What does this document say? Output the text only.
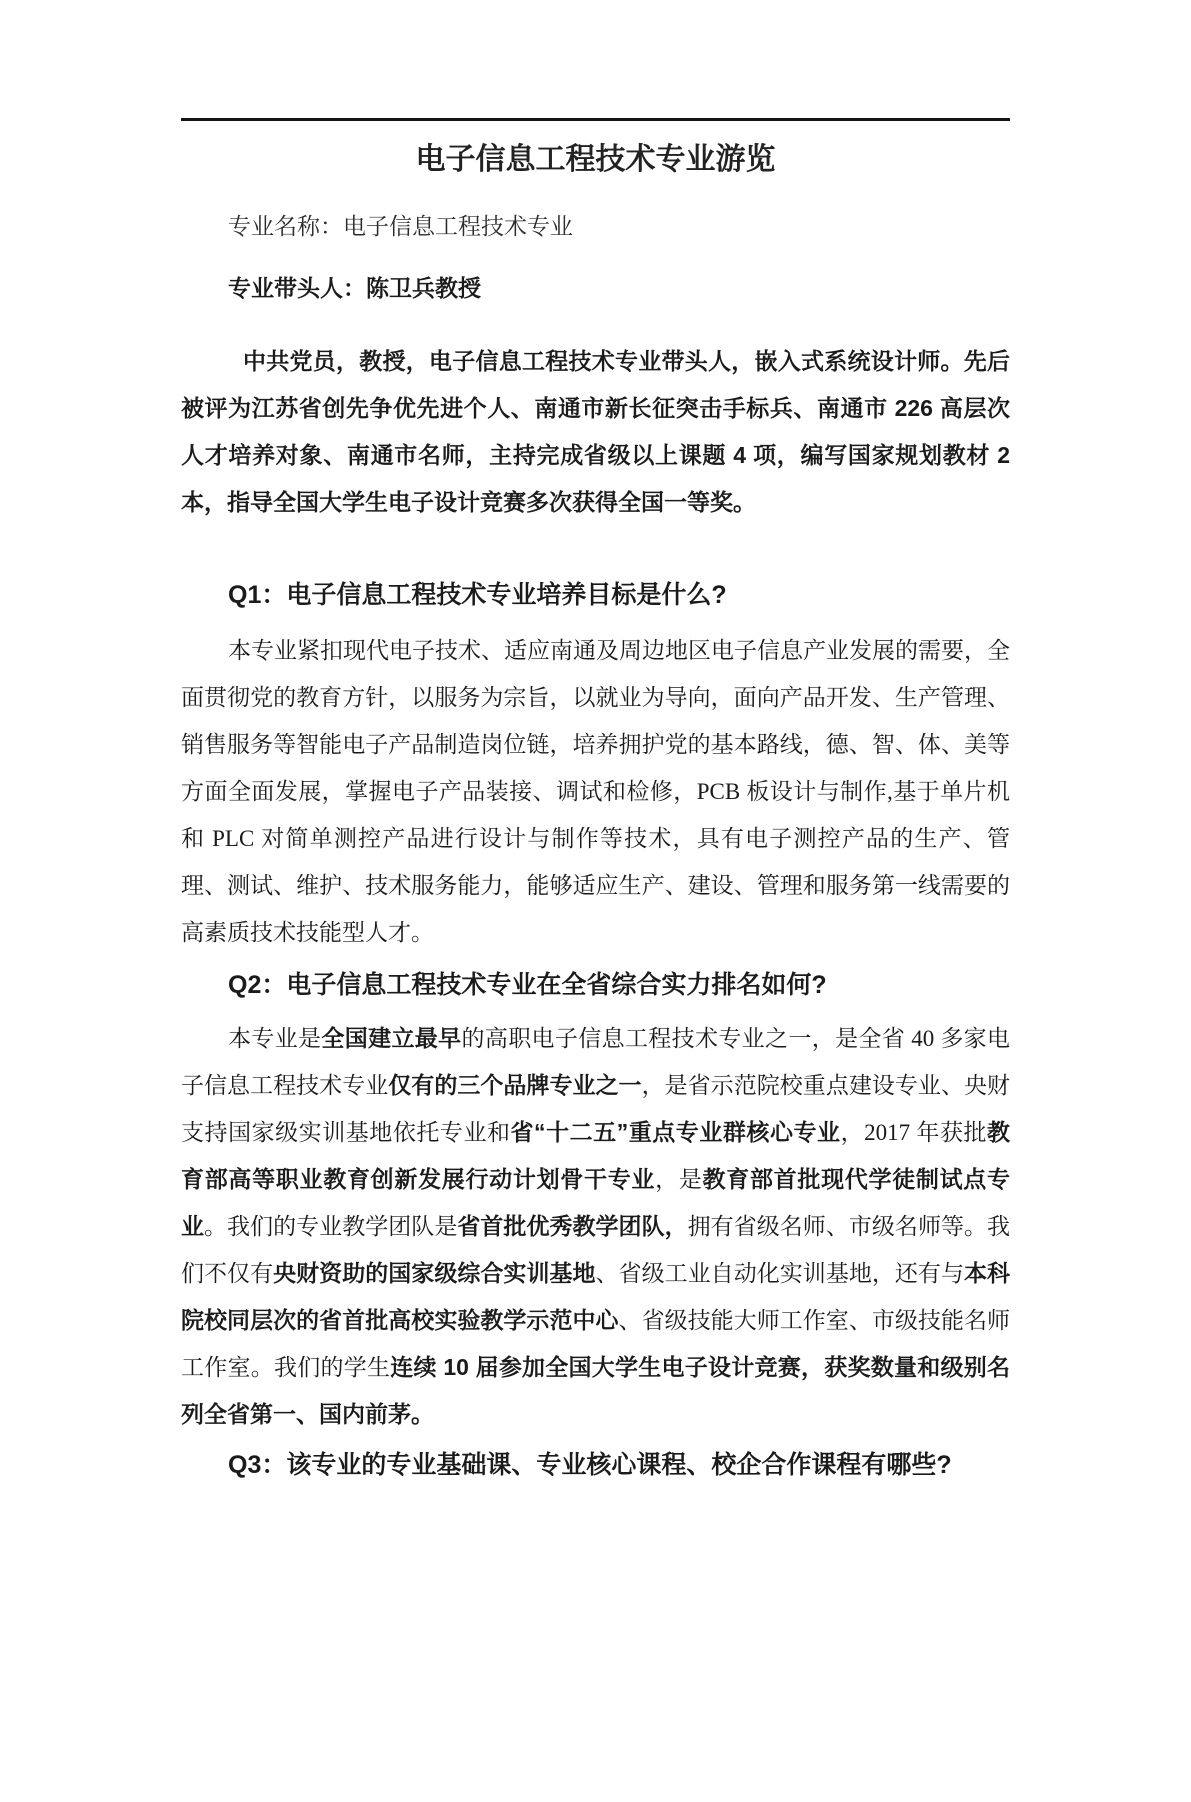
电子信息工程技术专业游览

专业名称：电子信息工程技术专业

专业带头人：陈卫兵教授

中共党员，教授，电子信息工程技术专业带头人，嵌入式系统设计师。先后被评为江苏省创先争优先进个人、南通市新长征突击手标兵、南通市 226 高层次人才培养对象、南通市名师，主持完成省级以上课题 4 项，编写国家规划教材 2 本，指导全国大学生电子设计竞赛多次获得全国一等奖。

Q1：电子信息工程技术专业培养目标是什么?

本专业紧扣现代电子技术、适应南通及周边地区电子信息产业发展的需要，全面贯彻党的教育方针，以服务为宗旨，以就业为导向，面向产品开发、生产管理、销售服务等智能电子产品制造岗位链，培养拥护党的基本路线，德、智、体、美等方面全面发展，掌握电子产品装接、调试和检修，PCB 板设计与制作,基于单片机和 PLC 对简单测控产品进行设计与制作等技术，具有电子测控产品的生产、管理、测试、维护、技术服务能力，能够适应生产、建设、管理和服务第一线需要的高素质技术技能型人才。

Q2：电子信息工程技术专业在全省综合实力排名如何?

本专业是全国建立最早的高职电子信息工程技术专业之一，是全省 40 多家电子信息工程技术专业仅有的三个品牌专业之一，是省示范院校重点建设专业、央财支持国家级实训基地依托专业和省“十二五”重点专业群核心专业，2017 年获批教育部高等职业教育创新发展行动计划骨干专业，是教育部首批现代学徒制试点专业。我们的专业教学团队是省首批优秀教学团队，拥有省级名师、市级名师等。我们不仅有央财资助的国家级综合实训基地、省级工业自动化实训基地，还有与本科院校同层次的省首批高校实验教学示范中心、省级技能大师工作室、市级技能名师工作室。我们的学生连续 10 届参加全国大学生电子设计竞赛，获奖数量和级别名列全省第一、国内前茅。

Q3：该专业的专业基础课、专业核心课程、校企合作课程有哪些?
